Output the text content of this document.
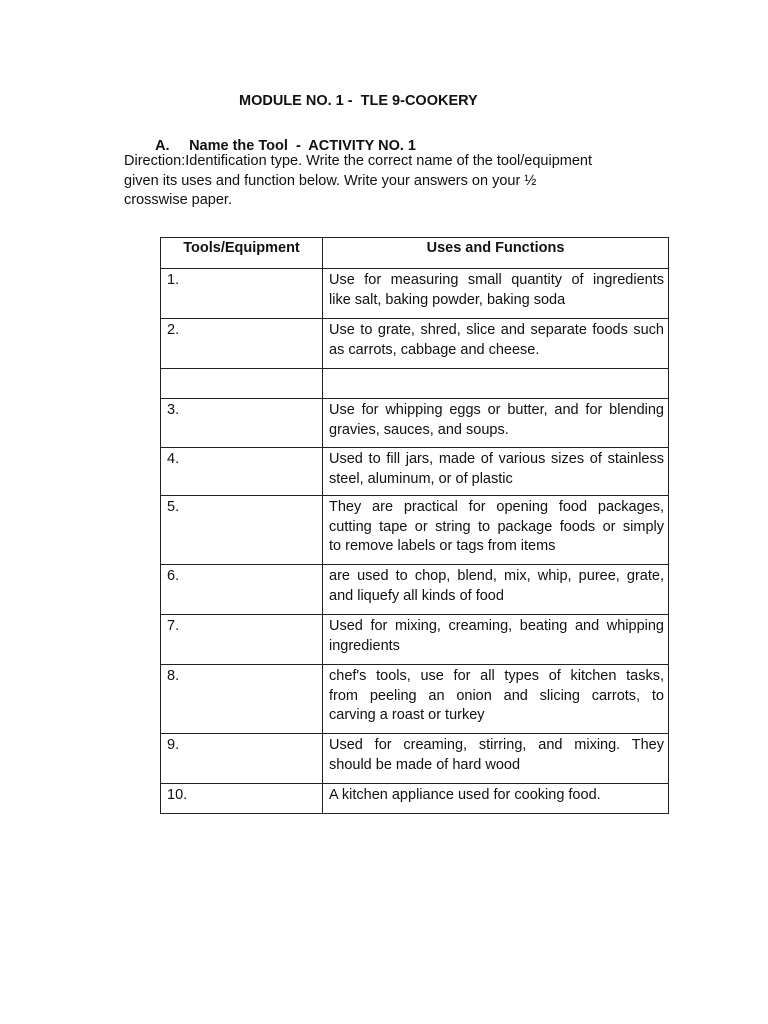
MODULE NO. 1 -  TLE 9-COOKERY

A. Name the Tool  -  ACTIVITY NO. 1

Direction:Identification type. Write the correct name of the tool/equipment
given its uses and function below. Write your answers on your ½
crosswise paper.
Tools/Equipment	Uses and Functions
1.	Use for measuring small quantity of ingredients
like salt, baking powder, baking soda

2.	Use to grate, shred, slice and separate foods such
as carrots, cabbage and cheese.

3.	Use for whipping eggs or butter, and for blending
gravies, sauces, and soups.

4.	Used to fill jars, made of various sizes of stainless
steel, aluminum, or of plastic

5.	They are practical for opening food packages,
cutting tape or string to package foods or simply
to remove labels or tags from items

6.	are used to chop, blend, mix, whip, puree, grate,
and liquefy all kinds of food

7.	Used for mixing, creaming, beating and whipping
ingredients

8.	chef's tools, use for all types of kitchen tasks,
from peeling an onion and slicing carrots, to
carving a roast or turkey

9.	Used for creaming, stirring, and mixing. They
should be made of hard wood

10.	A kitchen appliance used for cooking food.
